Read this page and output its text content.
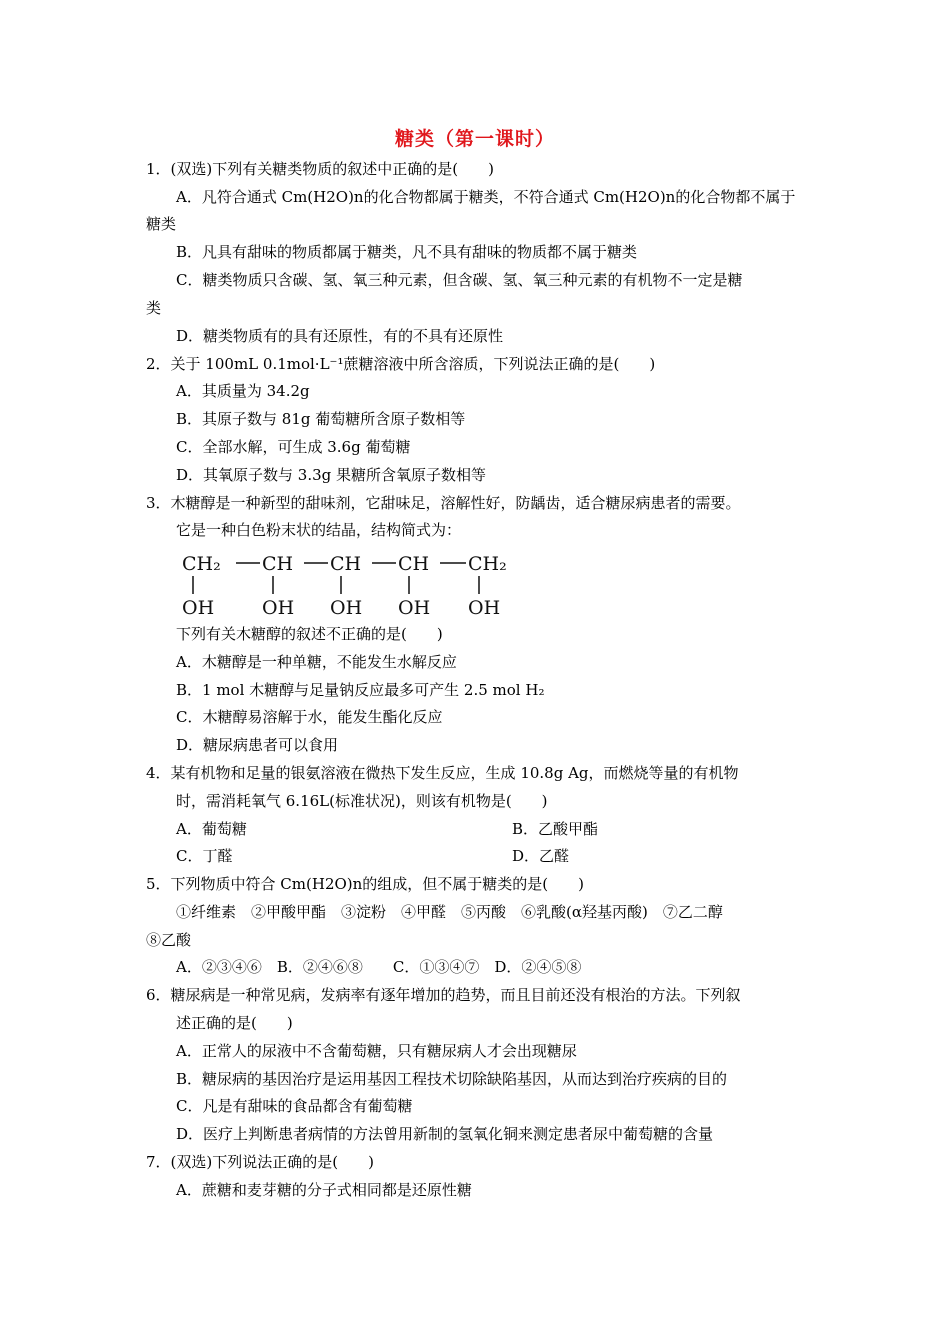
糖类（第一课时）
1．(双选)下列有关糖类物质的叙述中正确的是(　　)
A．凡符合通式 Cm(H2O)n的化合物都属于糖类，不符合通式 Cm(H2O)n的化合物都不属于
糖类
B．凡具有甜味的物质都属于糖类，凡不具有甜味的物质都不属于糖类
C．糖类物质只含碳、氢、氧三种元素，但含碳、氢、氧三种元素的有机物不一定是糖
类
D．糖类物质有的具有还原性，有的不具有还原性
2．关于 100mL 0.1mol·L⁻¹蔗糖溶液中所含溶质，下列说法正确的是(　　)
A．其质量为 34.2g
B．其原子数与 81g 葡萄糖所含原子数相等
C．全部水解，可生成 3.6g 葡萄糖
D．其氧原子数与 3.3g 果糖所含氧原子数相等
3．木糖醇是一种新型的甜味剂，它甜味足，溶解性好，防龋齿，适合糖尿病患者的需要。
它是一种白色粉末状的结晶，结构简式为：
CH₂ CH CH CH CH₂
OH	OH OH OH OH
下列有关木糖醇的叙述不正确的是(　　)
A．木糖醇是一种单糖，不能发生水解反应
B．1 mol 木糖醇与足量钠反应最多可产生 2.5 mol H₂
C．木糖醇易溶解于水，能发生酯化反应
D．糖尿病患者可以食用
4．某有机物和足量的银氨溶液在微热下发生反应，生成 10.8g Ag，而燃烧等量的有机物
时，需消耗氧气 6.16L(标准状况)，则该有机物是(　　)
A．葡萄糖	B．乙酸甲酯
C．丁醛	D．乙醛
5．下列物质中符合 Cm(H2O)n的组成，但不属于糖类的是(　　)
①纤维素　②甲酸甲酯　③淀粉　④甲醛　⑤丙酸　⑥乳酸(α羟基丙酸)　⑦乙二醇
⑧乙酸
A．②③④⑥　B．②④⑥⑧　　C．①③④⑦　D．②④⑤⑧
6．糖尿病是一种常见病，发病率有逐年增加的趋势，而且目前还没有根治的方法。下列叙
述正确的是(　　)
A．正常人的尿液中不含葡萄糖，只有糖尿病人才会出现糖尿
B．糖尿病的基因治疗是运用基因工程技术切除缺陷基因，从而达到治疗疾病的目的
C．凡是有甜味的食品都含有葡萄糖
D．医疗上判断患者病情的方法曾用新制的氢氧化铜来测定患者尿中葡萄糖的含量
7．(双选)下列说法正确的是(　　)
A．蔗糖和麦芽糖的分子式相同都是还原性糖
